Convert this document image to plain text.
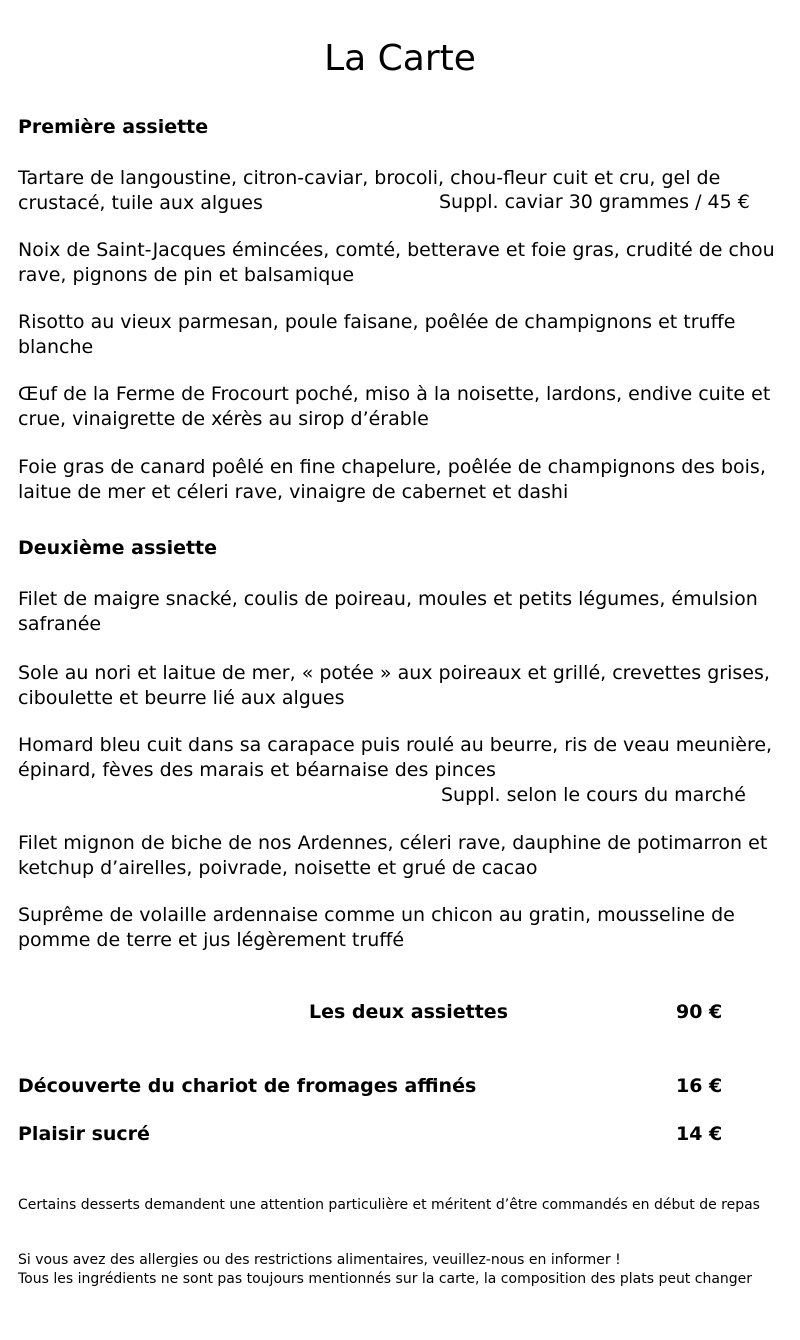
La Carte
Première assiette

Tartare de langoustine, citron-caviar, brocoli, chou-fleur cuit et cru, gel de crustacé, tuile aux algues	Suppl. caviar 30 grammes / 45 €

Noix de Saint-Jacques émincées, comté, betterave et foie gras, crudité de chou rave, pignons de pin et balsamique

Risotto au vieux parmesan, poule faisane, poêlée de champignons et truffe blanche

Œuf de la Ferme de Frocourt poché, miso à la noisette, lardons, endive cuite et crue, vinaigrette de xérès au sirop d’érable

Foie gras de canard poêlé en fine chapelure, poêlée de champignons des bois, laitue de mer et céleri rave, vinaigre de cabernet et dashi

Deuxième assiette

Filet de maigre snacké, coulis de poireau, moules et petits légumes, émulsion safranée

Sole au nori et laitue de mer, « potée » aux poireaux et grillé, crevettes grises, ciboulette et beurre lié aux algues

Homard bleu cuit dans sa carapace puis roulé au beurre, ris de veau meunière, épinard, fèves des marais et béarnaise des pinces

Suppl. selon le cours du marché

Filet mignon de biche de nos Ardennes, céleri rave, dauphine de potimarron et ketchup d’airelles, poivrade, noisette et grué de cacao

Suprême de volaille ardennaise comme un chicon au gratin, mousseline de pomme de terre et jus légèrement truffé

Les deux assiettes	90 €
Découverte du chariot de fromages affinés	16 €
Plaisir sucré	14 €

Certains desserts demandent une attention particulière et méritent d’être commandés en début de repas

Si vous avez des allergies ou des restrictions alimentaires, veuillez-nous en informer !

Tous les ingrédients ne sont pas toujours mentionnés sur la carte, la composition des plats peut changer
